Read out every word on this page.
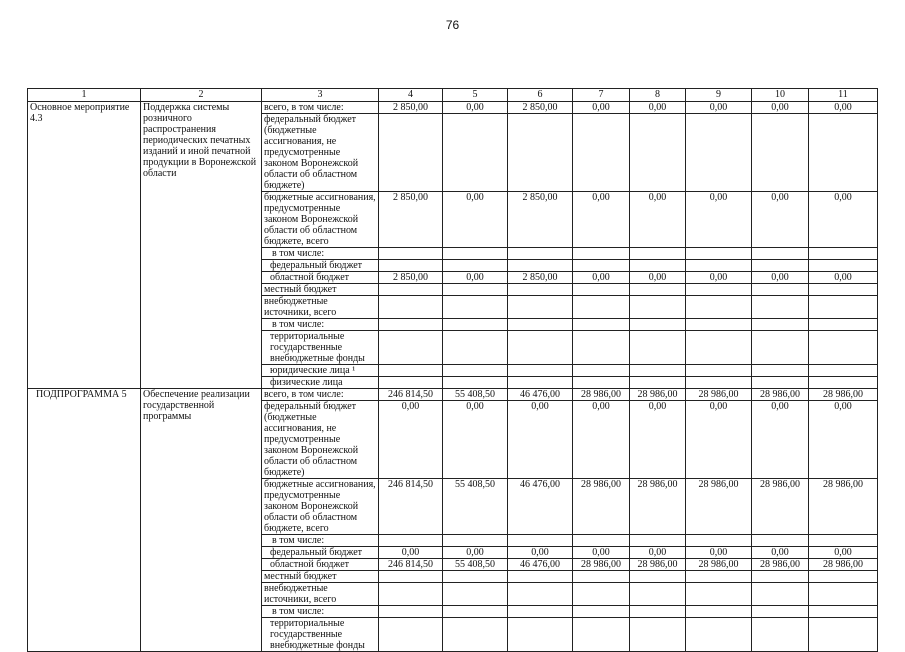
76
1	2	3	4	5	6	7	8	9	10	11
Основное мероприятие 4.3	Поддержка системы розничного распространения периодических печатных изданий и иной печатной продукции в Воронежской области	всего, в том числе:	2 850,00	0,00	2 850,00	0,00	0,00	0,00	0,00	0,00
		федеральный бюджет (бюджетные ассигнования, не предусмотренные законом Воронежской области об областном бюджете)								
		бюджетные ассигнования, предусмотренные законом Воронежской области об областном бюджете, всего	2 850,00	0,00	2 850,00	0,00	0,00	0,00	0,00	0,00
		в том числе:								
		федеральный бюджет								
		областной бюджет	2 850,00	0,00	2 850,00	0,00	0,00	0,00	0,00	0,00
		местный бюджет								
		внебюджетные источники, всего								
		в том числе:								
		территориальные государственные внебюджетные фонды								
		юридические лица ¹								
		физические лица								
ПОДПРОГРАММА 5	Обеспечение реализации государственной программы	всего, в том числе:	246 814,50	55 408,50	46 476,00	28 986,00	28 986,00	28 986,00	28 986,00	28 986,00
		федеральный бюджет (бюджетные ассигнования, не предусмотренные законом Воронежской области об областном бюджете)	0,00	0,00	0,00	0,00	0,00	0,00	0,00	0,00
		бюджетные ассигнования, предусмотренные законом Воронежской области об областном бюджете, всего	246 814,50	55 408,50	46 476,00	28 986,00	28 986,00	28 986,00	28 986,00	28 986,00
		в том числе:								
		федеральный бюджет	0,00	0,00	0,00	0,00	0,00	0,00	0,00	0,00
		областной бюджет	246 814,50	55 408,50	46 476,00	28 986,00	28 986,00	28 986,00	28 986,00	28 986,00
		местный бюджет								
		внебюджетные источники, всего								
		в том числе:								
		территориальные государственные внебюджетные фонды								
